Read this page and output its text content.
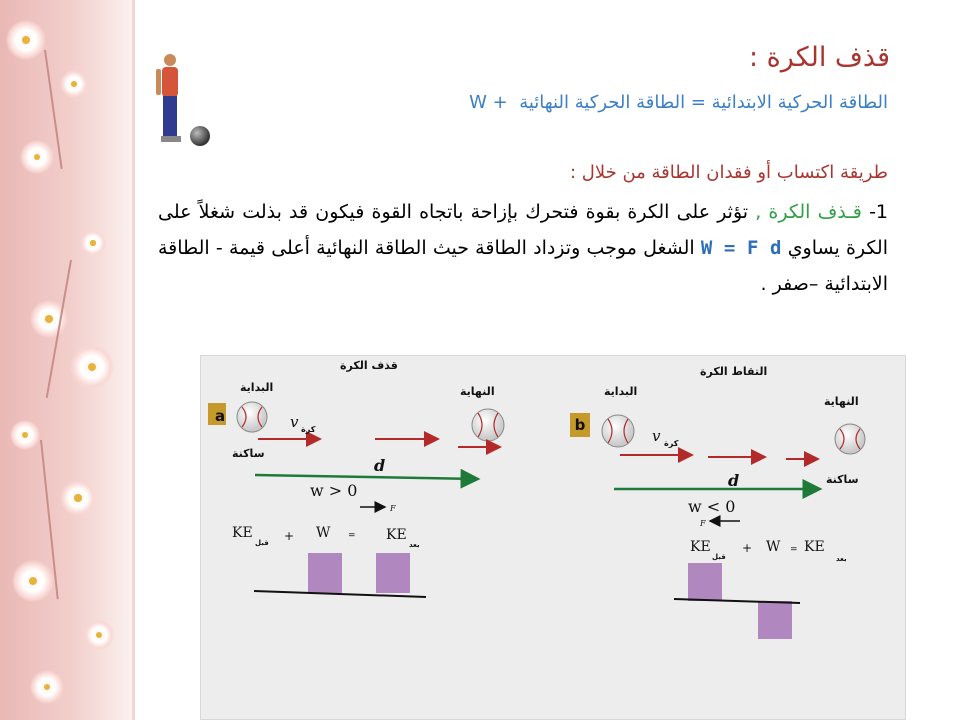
قذف الكرة :
الطاقة الحركية الابتدائية = الطاقة الحركية النهائية  W +
طريقة اكتساب أو فقدان الطاقة من خلال :
1- قـذف الكرة , تؤثر على الكرة بقوة فتحرك بإزاحة باتجاه القوة فيكون قد بذلت شغلاً على الكرة يساوي W = F d الشغل موجب وتزداد الطاقة حيث الطاقة النهائية أعلى قيمة - الطاقة الابتدائية –صفر .
قذف الكرة
a
البداية	النهاية
ساكنة
v كرة
d
w > 0
F
KE
قبل + W = KE
بعد
التقاط الكرة
b
البداية
النهاية
ساكنة
v كرة
d
w < 0
F
KE
قبل
+ W = KE
بعد
